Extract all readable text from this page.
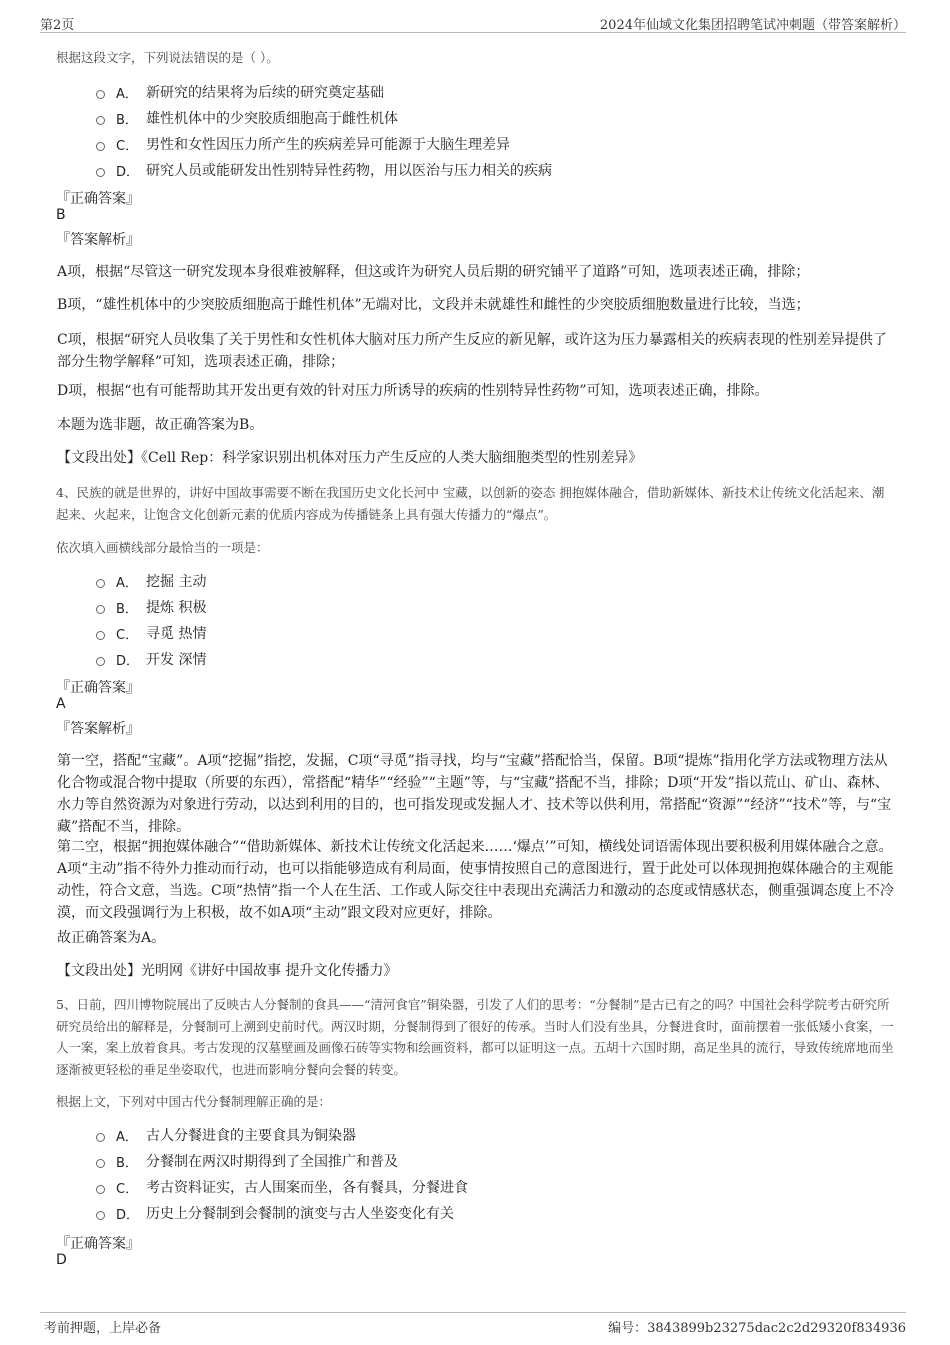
第2页	2024年仙域文化集团招聘笔试冲刺题（带答案解析）
根据这段文字，下列说法错误的是（ ）。
A． 新研究的结果将为后续的研究奠定基础
B． 雄性机体中的少突胶质细胞高于雌性机体
C． 男性和女性因压力所产生的疾病差异可能源于大脑生理差异
D． 研究人员或能研发出性别特异性药物，用以医治与压力相关的疾病
『正确答案』
B
『答案解析』
A项，根据“尽管这一研究发现本身很难被解释，但这或许为研究人员后期的研究铺平了道路”可知，选项表述正确，排除；
B项，“雄性机体中的少突胶质细胞高于雌性机体”无端对比，文段并未就雄性和雌性的少突胶质细胞数量进行比较，当选；
C项，根据“研究人员收集了关于男性和女性机体大脑对压力所产生反应的新见解，或许这为压力暴露相关的疾病表现的性别差异提供了部分生物学解释”可知，选项表述正确，排除；
D项，根据“也有可能帮助其开发出更有效的针对压力所诱导的疾病的性别特异性药物”可知，选项表述正确，排除。
本题为选非题，故正确答案为B。
【文段出处】《Cell Rep：科学家识别出机体对压力产生反应的人类大脑细胞类型的性别差异》
4、民族的就是世界的，讲好中国故事需要不断在我国历史文化长河中 宝藏，以创新的姿态 拥抱媒体融合，借助新媒体、新技术让传统文化活起来、潮起来、火起来，让饱含文化创新元素的优质内容成为传播链条上具有强大传播力的“爆点”。
依次填入画横线部分最恰当的一项是：
A． 挖掘 主动
B． 提炼 积极
C． 寻觅 热情
D． 开发 深情
『正确答案』
A
『答案解析』
第一空，搭配“宝藏”。A项“挖掘”指挖，发掘，C项“寻觅”指寻找，均与“宝藏”搭配恰当，保留。B项“提炼”指用化学方法或物理方法从化合物或混合物中提取（所要的东西），常搭配“精华”“经验”“主题”等，与“宝藏”搭配不当，排除；D项“开发”指以荒山、矿山、森林、水力等自然资源为对象进行劳动，以达到利用的目的，也可指发现或发掘人才、技术等以供利用，常搭配“资源”“经济”“技术”等，与“宝藏”搭配不当，排除。
第二空，根据“拥抱媒体融合”“借助新媒体、新技术让传统文化活起来……‘爆点’”可知，横线处词语需体现出要积极利用媒体融合之意。A项“主动”指不待外力推动而行动，也可以指能够造成有利局面，使事情按照自己的意图进行，置于此处可以体现拥抱媒体融合的主观能动性，符合文意，当选。C项“热情”指一个人在生活、工作或人际交往中表现出充满活力和激动的态度或情感状态，侧重强调态度上不冷漠，而文段强调行为上积极，故不如A项“主动”跟文段对应更好，排除。
故正确答案为A。
【文段出处】光明网《讲好中国故事 提升文化传播力》
5、日前，四川博物院展出了反映古人分餐制的食具——“清河食官”铜染器，引发了人们的思考：“分餐制”是古已有之的吗？中国社会科学院考古研究所研究员给出的解释是，分餐制可上溯到史前时代。两汉时期，分餐制得到了很好的传承。当时人们没有坐具，分餐进食时，面前摆着一张低矮小食案，一人一案，案上放着食具。考古发现的汉墓壁画及画像石砖等实物和绘画资料，都可以证明这一点。五胡十六国时期，高足坐具的流行，导致传统席地而坐逐渐被更轻松的垂足坐姿取代，也进而影响分餐向会餐的转变。
根据上文，下列对中国古代分餐制理解正确的是：
A． 古人分餐进食的主要食具为铜染器
B． 分餐制在两汉时期得到了全国推广和普及
C． 考古资料证实，古人围案而坐，各有餐具，分餐进食
D． 历史上分餐制到会餐制的演变与古人坐姿变化有关
『正确答案』
D
考前押题，上岸必备	编号：3843899b23275dac2c2d29320f834936
